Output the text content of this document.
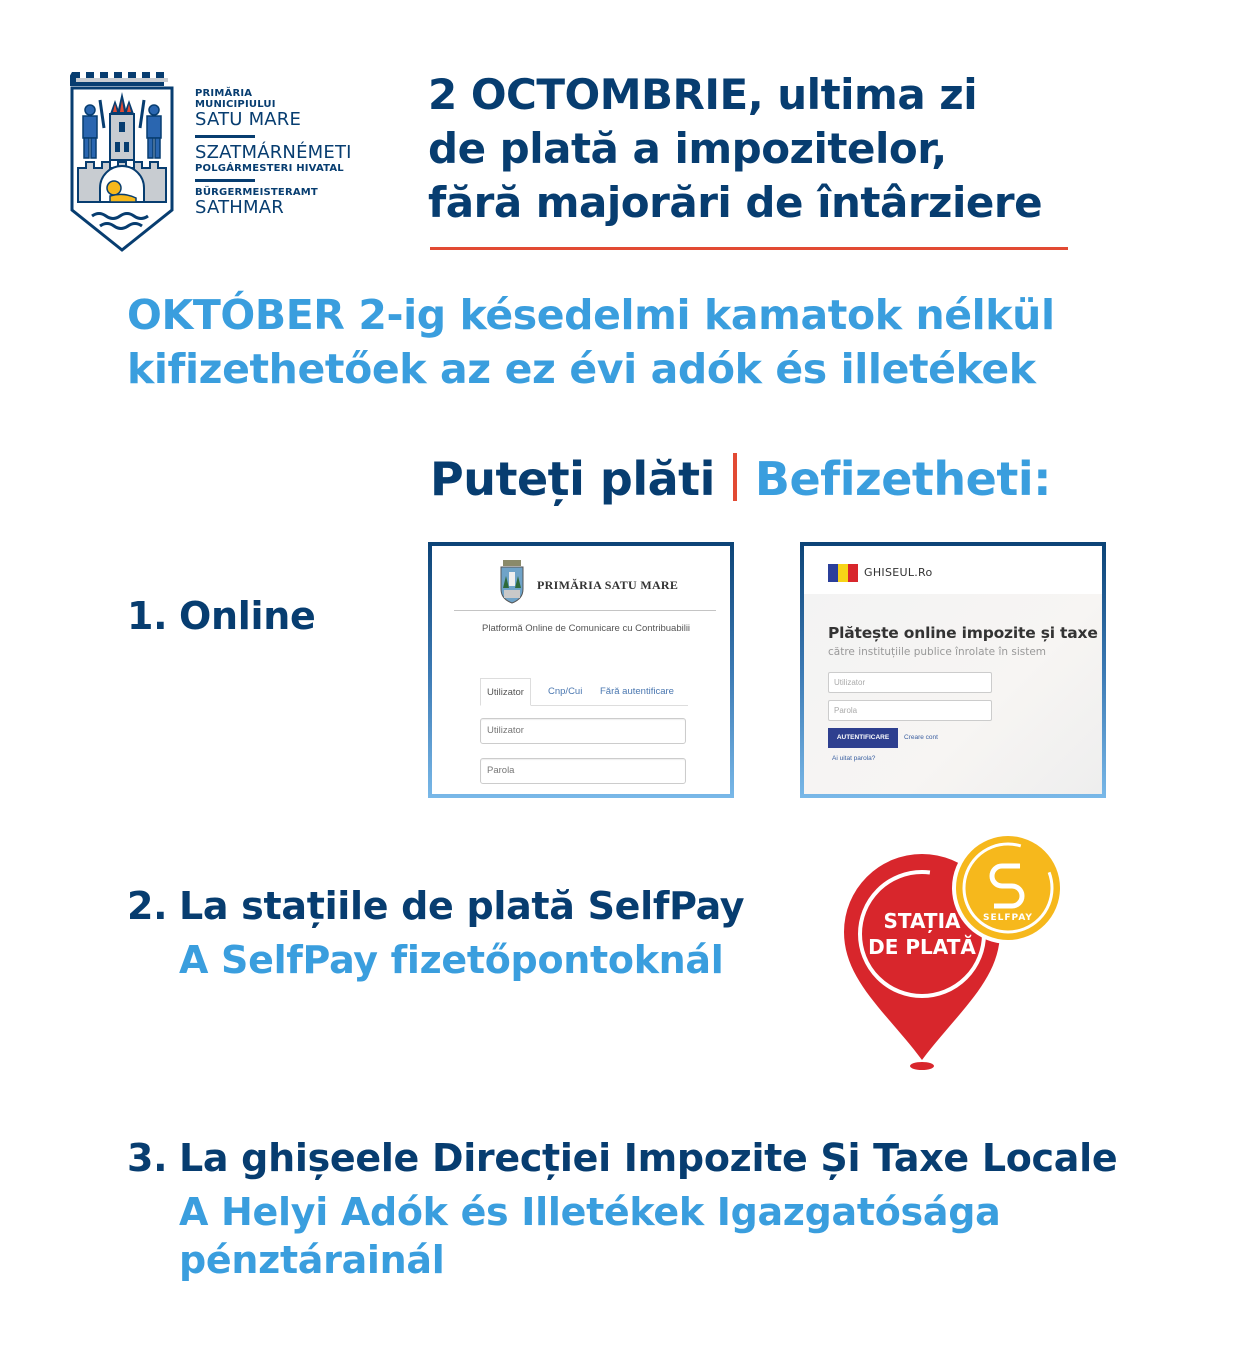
PRIMĂRIA
MUNICIPIULUI
SATU MARE
SZATMÁRNÉMETI
POLGÁRMESTERI HIVATAL
BÜRGERMEISTERAMT
SATHMAR
2 OCTOMBRIE, ultima zi
de plată a impozitelor,
fără majorări de întârziere
OKTÓBER 2-ig késedelmi kamatok nélkül
kifizethetőek az ez évi adók és illetékek
Puteți plăti Befizetheti:
1. Online
PRIMĂRIA SATU MARE
Platformă Online de Comunicare cu Contribuabilii
Utilizator	Cnp/Cui	Fără autentificare
Utilizator
Parola
GHISEUL.Ro
Plătește online impozite și taxe
către instituțiile publice înrolate în sistem
Utilizator
Parola
AUTENTIFICARE	Creare cont
Ai uitat parola?
2. La stațiile de plată SelfPay
A SelfPay fizetőpontoknál
STAȚIA
DE PLATĂ
SELFPAY
3. La ghișeele Direcției Impozite Și Taxe Locale
A Helyi Adók és Illetékek Igazgatósága
pénztárainál
